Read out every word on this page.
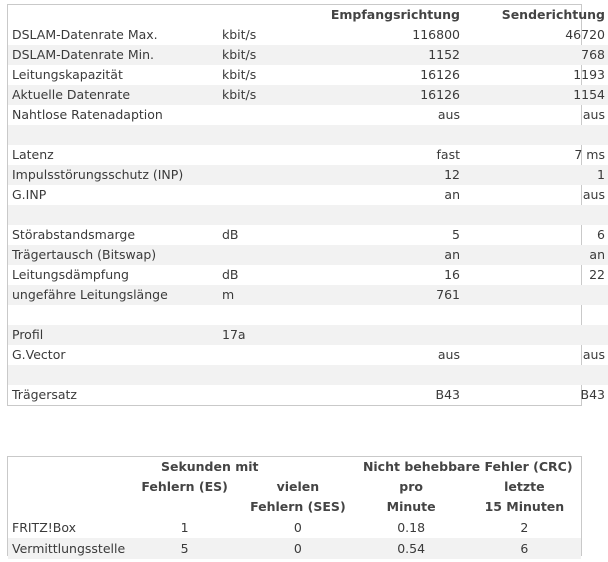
		Empfangsrichtung	Senderichtung
DSLAM-Datenrate Max.	kbit/s	116800	46720
DSLAM-Datenrate Min.	kbit/s	1152	768
Leitungskapazität	kbit/s	16126	1193
Aktuelle Datenrate	kbit/s	16126	1154
Nahtlose Ratenadaption		aus	aus

Latenz		fast	7 ms
Impulsstörungsschutz (INP)		12	1
G.INP		an	aus

Störabstandsmarge	dB	5	6
Trägertausch (Bitswap)		an	an
Leitungsdämpfung	dB	16	22
ungefähre Leitungslänge	m	761	

Profil	17a		
G.Vector		aus	aus

Trägersatz		B43	B43
	Sekunden mit		Nicht behebbare Fehler (CRC)	
	Fehlern (ES)	vielen	pro	letzte
		Fehlern (SES)	Minute	15 Minuten
FRITZ!Box	1	0	0.18	2
Vermittlungsstelle	5	0	0.54	6
